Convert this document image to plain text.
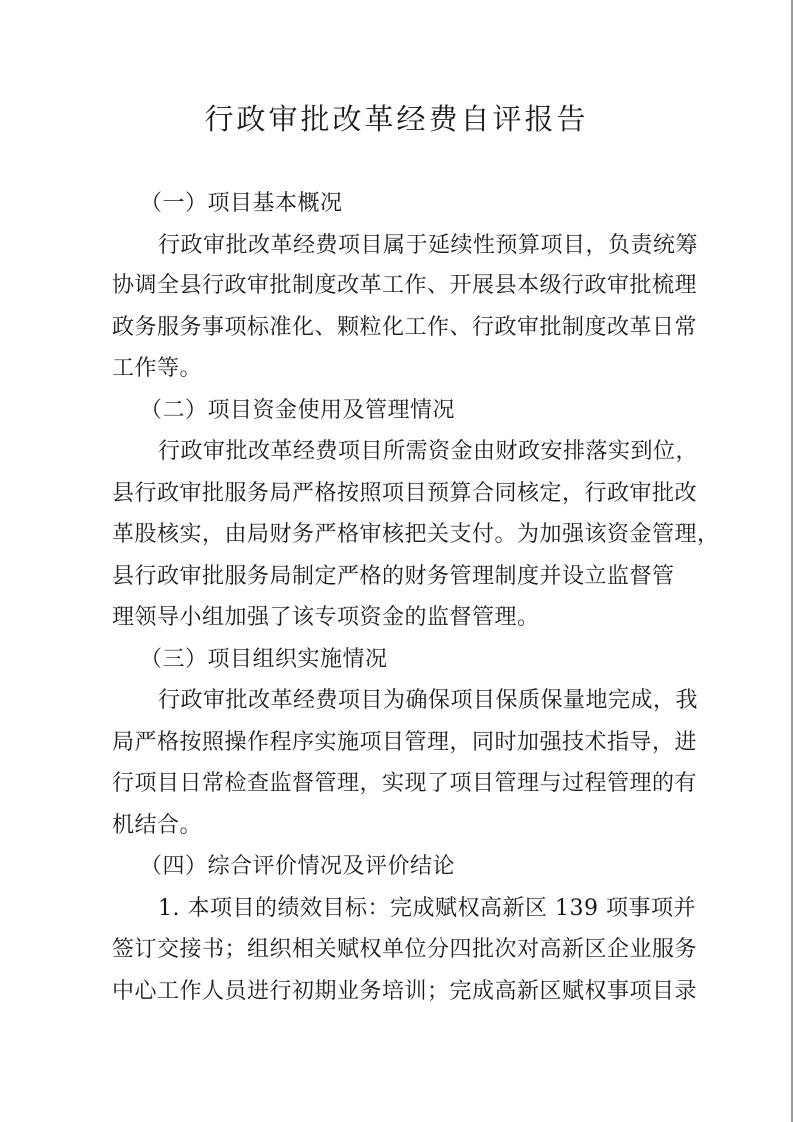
行政审批改革经费自评报告
（一）项目基本概况
行政审批改革经费项目属于延续性预算项目，负责统筹
协调全县行政审批制度改革工作、开展县本级行政审批梳理
政务服务事项标准化、颗粒化工作、行政审批制度改革日常
工作等。
（二）项目资金使用及管理情况
行政审批改革经费项目所需资金由财政安排落实到位，
县行政审批服务局严格按照项目预算合同核定，行政审批改
革股核实，由局财务严格审核把关支付。为加强该资金管理，
县行政审批服务局制定严格的财务管理制度并设立监督管
理领导小组加强了该专项资金的监督管理。
（三）项目组织实施情况
行政审批改革经费项目为确保项目保质保量地完成，我
局严格按照操作程序实施项目管理，同时加强技术指导，进
行项目日常检查监督管理，实现了项目管理与过程管理的有
机结合。
（四）综合评价情况及评价结论
1. 本项目的绩效目标：完成赋权高新区 139 项事项并
签订交接书；组织相关赋权单位分四批次对高新区企业服务
中心工作人员进行初期业务培训；完成高新区赋权事项目录
